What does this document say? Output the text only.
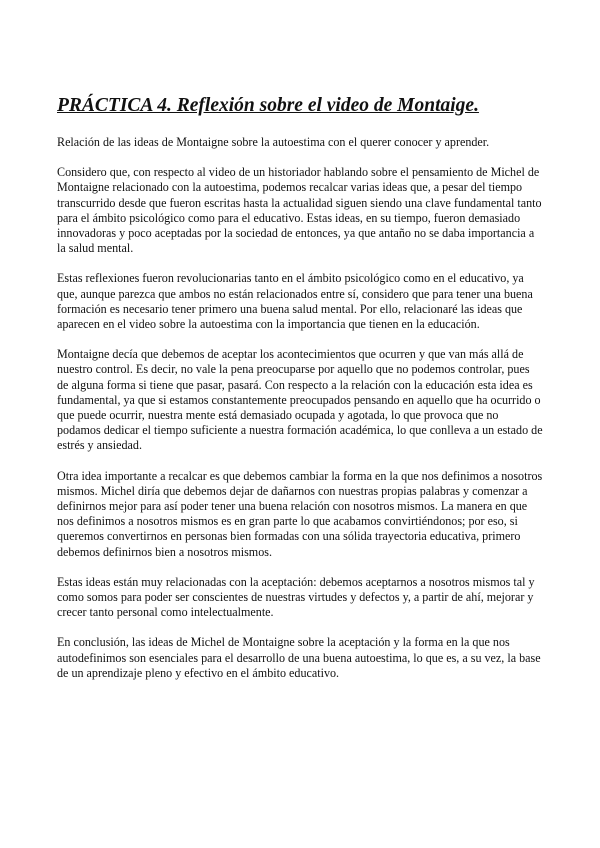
PRÁCTICA 4. Reflexión sobre el video de Montaige.

Relación de las ideas de Montaigne sobre la autoestima con el querer conocer y aprender.

Considero que, con respecto al video de un historiador hablando sobre el pensamiento de Michel de Montaigne relacionado con la autoestima, podemos recalcar varias ideas que, a pesar del tiempo transcurrido desde que fueron escritas hasta la actualidad siguen siendo una clave fundamental tanto para el ámbito psicológico como para el educativo. Estas ideas, en su tiempo, fueron demasiado innovadoras y poco aceptadas por la sociedad de entonces, ya que antaño no se daba importancia a la salud mental.

Estas reflexiones fueron revolucionarias tanto en el ámbito psicológico como en el educativo, ya que, aunque parezca que ambos no están relacionados entre sí, considero que para tener una buena formación es necesario tener primero una buena salud mental. Por ello, relacionaré las ideas que aparecen en el video sobre la autoestima con la importancia que tienen en la educación.

Montaigne decía que debemos de aceptar los acontecimientos que ocurren y que van más allá de nuestro control. Es decir, no vale la pena preocuparse por aquello que no podemos controlar, pues de alguna forma si tiene que pasar, pasará. Con respecto a la relación con la educación esta idea es fundamental, ya que si estamos constantemente preocupados pensando en aquello que ha ocurrido o que puede ocurrir, nuestra mente está demasiado ocupada y agotada, lo que provoca que no podamos dedicar el tiempo suficiente a nuestra formación académica, lo que conlleva a un estado de estrés y ansiedad.

Otra idea importante a recalcar es que debemos cambiar la forma en la que nos definimos a nosotros mismos. Michel diría que debemos dejar de dañarnos con nuestras propias palabras y comenzar a definirnos mejor para así poder tener una buena relación con nosotros mismos. La manera en que nos definimos a nosotros mismos es en gran parte lo que acabamos convirtiéndonos; por eso, si queremos convertirnos en personas bien formadas con una sólida trayectoria educativa, primero debemos definirnos bien a nosotros mismos.

Estas ideas están muy relacionadas con la aceptación: debemos aceptarnos a nosotros mismos tal y como somos para poder ser conscientes de nuestras virtudes y defectos y, a partir de ahí, mejorar y crecer tanto personal como intelectualmente.

En conclusión, las ideas de Michel de Montaigne sobre la aceptación y la forma en la que nos autodefinimos son esenciales para el desarrollo de una buena autoestima, lo que es, a su vez, la base de un aprendizaje pleno y efectivo en el ámbito educativo.
